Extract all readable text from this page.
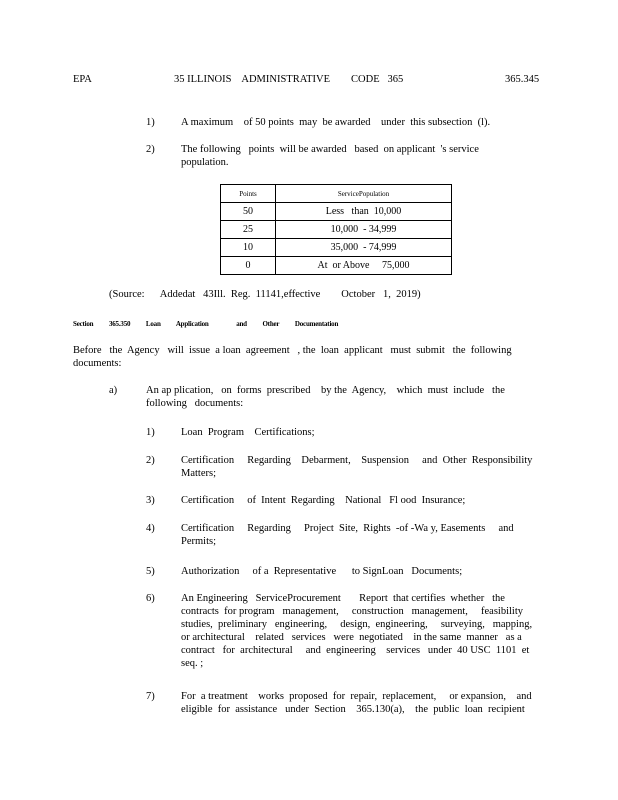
EPA	35 ILLINOIS    ADMINISTRATIVE        CODE   365	365.345
1)	A maximum    of 50 points  may  be awarded    under  this subsection  (l).
2)	The following   points  will be awarded   based  on applicant  's service population.
Points	ServicePopulation
50	Less   than  10,000
25	10,000  - 34,999
10	35,000  - 74,999
0	At  or Above     75,000
(Source:      Addedat   43Ill.  Reg.  11141,effective        October   1,  2019)
Section 365.350 Loan Application	and Other Documentation
Before   the  Agency   will  issue  a loan  agreement   , the  loan  applicant   must  submit   the  following documents:
a)	An ap plication,   on  forms  prescribed    by the  Agency,    which  must  include   the following   documents:
1)	Loan  Program    Certifications;
2)	Certification     Regarding    Debarment,    Suspension     and  Other  Responsibility Matters;
3)	Certification     of  Intent  Regarding    National   Fl ood  Insurance;
4)	Certification     Regarding     Project  Site,  Rights  -of -Wa y, Easements     and Permits;
5)	Authorization     of a  Representative      to SignLoan   Documents;
6)	An Engineering   ServiceProcurement       Report  that certifies  whether   the contracts  for program   management,     construction   management,     feasibility studies,  preliminary   engineering,     design,  engineering,     surveying,   mapping, or architectural    related   services   were  negotiated    in the same  manner   as a contract   for  architectural     and  engineering    services   under  40 USC  1101  et seq. ;
7)	For  a treatment    works  proposed  for  repair,  replacement,     or expansion,    and eligible  for  assistance   under  Section    365.130(a),    the  public  loan  recipient
